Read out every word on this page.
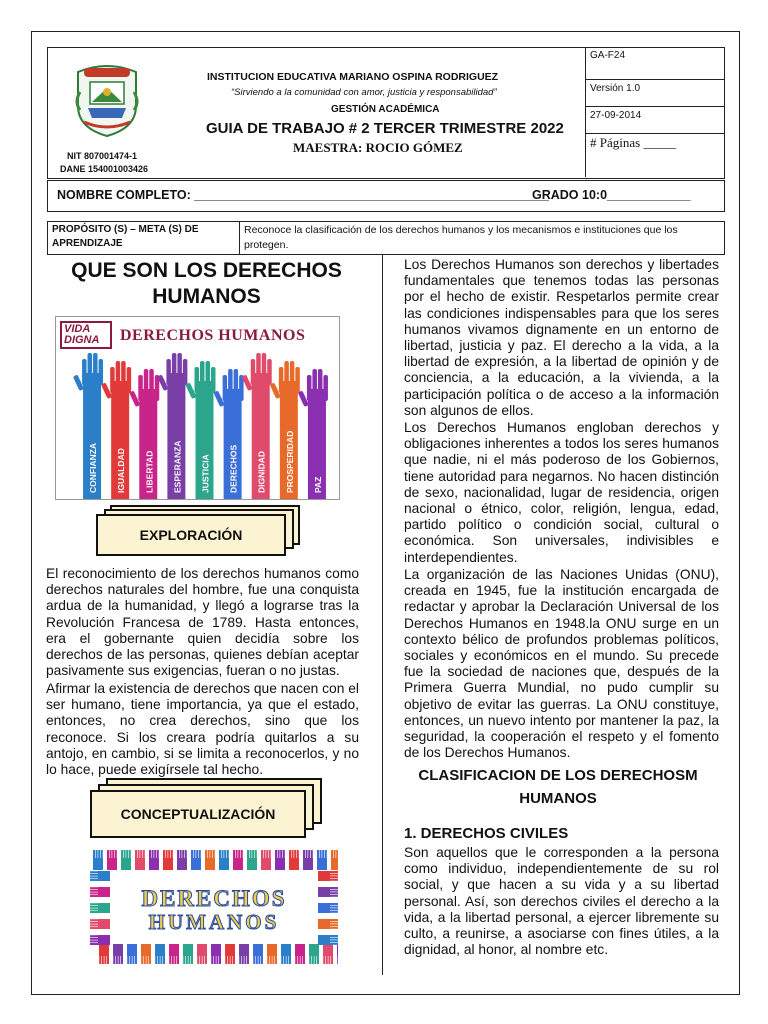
NIT 807001474-1
DANE 154001003426
INSTITUCION EDUCATIVA MARIANO OSPINA RODRIGUEZ
“Sirviendo a la comunidad con amor, justicia y responsabilidad”
GESTIÓN ACADÉMICA
GUIA DE TRABAJO # 2 TERCER TRIMESTRE 2022
MAESTRA: ROCIO GÓMEZ
GA-F24
Versión 1.0
27-09-2014
# Páginas _____
NOMBRE COMPLETO: ___________________________________________________
GRADO 10:0____________
PROPÓSITO (S) – META (S) DE APRENDIZAJE
Reconoce la clasificación de los derechos humanos y los mecanismos e instituciones que los protegen.
QUE SON LOS DERECHOS HUMANOS
CONFIANZA IGUALDAD LIBERTAD ESPERANZA JUSTICIA DERECHOS DIGNIDAD PROSPERIDAD PAZ
VIDA DIGNA	DERECHOS HUMANOS
EXPLORACIÓN
El reconocimiento de los derechos humanos como derechos naturales del hombre, fue una conquista ardua de la humanidad, y llegó a lograrse tras la Revolución Francesa de 1789. Hasta entonces, era el gobernante quien decidía sobre los derechos de las personas, quienes debían aceptar pasivamente sus exigencias, fueran o no justas.
Afirmar la existencia de derechos que nacen con el ser humano, tiene importancia, ya que el estado, entonces, no crea derechos, sino que los reconoce. Si los creara podría quitarlos a su antojo, en cambio, si se limita a reconocerlos, y no lo hace, puede exigírsele tal hecho.
CONCEPTUALIZACIÓN
DERECHOS
HUMANOS
Los Derechos Humanos son derechos y libertades fundamentales que tenemos todas las personas por el hecho de existir. Respetarlos permite crear las condiciones indispensables para que los seres humanos vivamos dignamente en un entorno de libertad, justicia y paz. El derecho a la vida, a la libertad de expresión, a la libertad de opinión y de conciencia, a la educación, a la vivienda, a la participación política o de acceso a la información son algunos de ellos.
Los Derechos Humanos engloban derechos y obligaciones inherentes a todos los seres humanos que nadie, ni el más poderoso de los Gobiernos, tiene autoridad para negarnos. No hacen distinción de sexo, nacionalidad, lugar de residencia, origen nacional o étnico, color, religión, lengua, edad, partido político o condición social, cultural o económica. Son universales, indivisibles e interdependientes.
La organización de las Naciones Unidas (ONU), creada en 1945, fue la institución encargada de redactar y aprobar la Declaración Universal de los Derechos Humanos en 1948.la ONU surge en un contexto bélico de profundos problemas políticos, sociales y económicos en el mundo. Su precede fue la sociedad de naciones que, después de la Primera Guerra Mundial, no pudo cumplir su objetivo de evitar las guerras. La ONU constituye, entonces, un nuevo intento por mantener la paz, la seguridad, la cooperación el respeto y el fomento de los Derechos Humanos.
CLASIFICACION DE LOS DERECHOSM
HUMANOS
1. DERECHOS CIVILES
Son aquellos que le corresponden a la persona como individuo, independientemente de su rol social, y que hacen a su vida y a su libertad personal. Así, son derechos civiles el derecho a la vida, a la libertad personal, a ejercer libremente su culto, a reunirse, a asociarse con fines útiles, a la dignidad, al honor, al nombre etc.
